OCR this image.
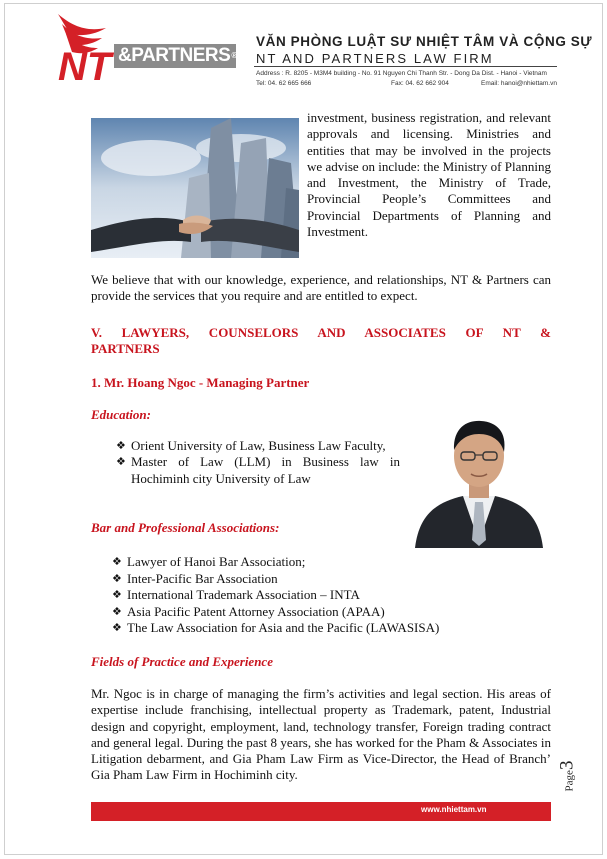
NT &PARTNERS®
VĂN PHÒNG LUẬT SƯ NHIỆT TÂM VÀ CỘNG SỰ
NT AND PARTNERS LAW FIRM
Address : R. 8205 - M3M4 building - No. 91 Nguyen Chi Thanh Str. - Dong Da Dist. - Hanoi - Vietnam
Tel: 04. 62 665 666	Fax: 04. 62 662 904	Email: hanoi@nhiettam.vn
investment, business registration, and relevant approvals and licensing. Ministries and entities that may be involved in the projects we advise on include: the Ministry of Planning and Investment, the Ministry of Trade, Provincial People’s Committees and Provincial Departments of Planning and Investment.
We believe that with our knowledge, experience, and relationships, NT & Partners can provide the services that you require and are entitled to expect.
V. LAWYERS, COUNSELORS AND ASSOCIATES OF NT &
PARTNERS
1. Mr. Hoang Ngoc - Managing Partner
Education:
❖ Orient University of Law, Business Law Faculty,
❖ Master of Law (LLM) in Business law in Hochiminh city University of Law
Bar and Professional Associations:
❖ Lawyer of Hanoi Bar Association;
❖ Inter-Pacific Bar Association
❖ International Trademark Association – INTA
❖ Asia Pacific Patent Attorney Association (APAA)
❖ The Law Association for Asia and the Pacific (LAWASISA)
Fields of Practice and Experience
Mr. Ngoc is in charge of managing the firm’s activities and legal section. His areas of expertise include franchising, intellectual property as Trademark, patent, Industrial design and copyright, employment, land, technology transfer, Foreign trading contract and general legal. During the past 8 years, she has worked for the Pham & Associates in Litigation debarment, and Gia Pham Law Firm as Vice-Director, the Head of Branch’ Gia Pham Law Firm in Hochiminh city.	Page3
www.nhiettam.vn
